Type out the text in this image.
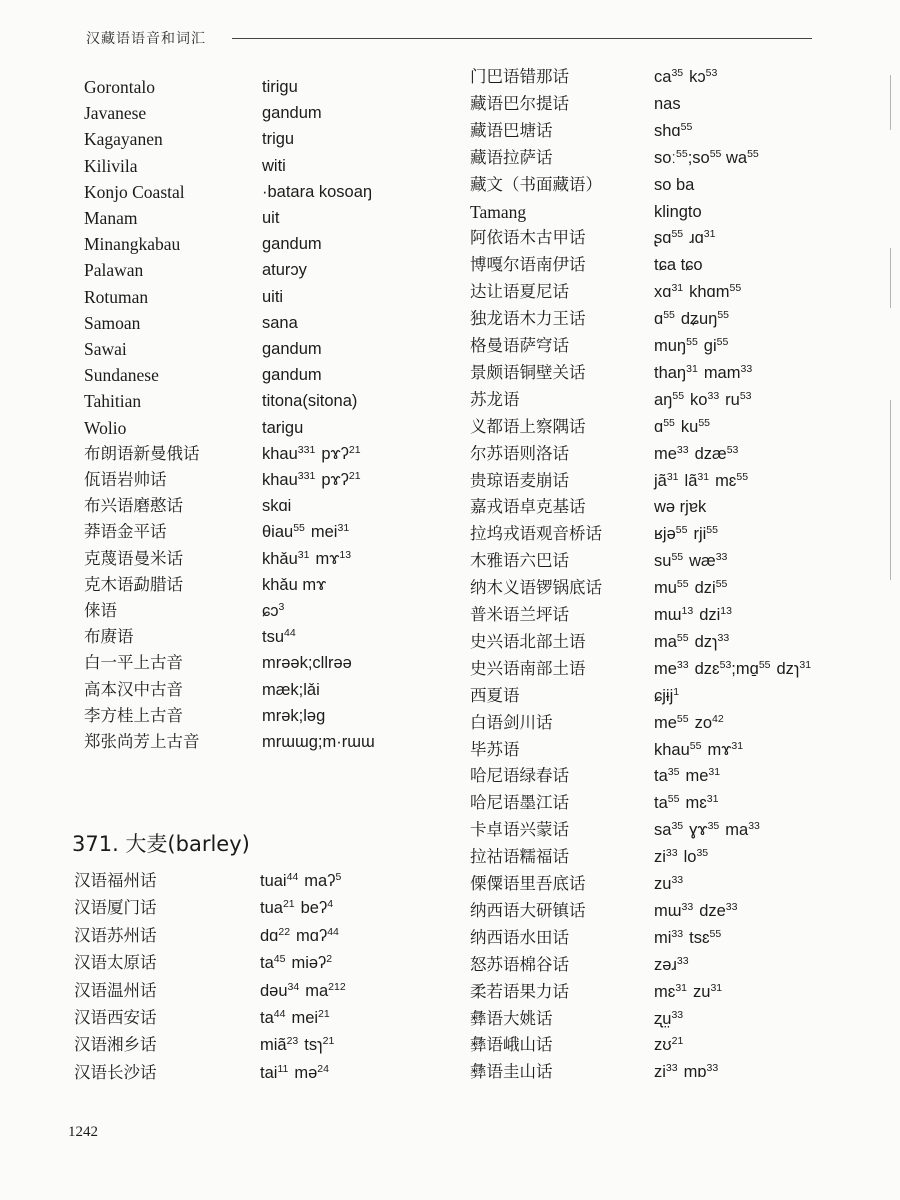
汉藏语语音和词汇
Gorontalo	tirigu
Javanese	gandum
Kagayanen	trigu
Kilivila	witi
Konjo Coastal	·batara kosoaŋ
Manam	uit
Minangkabau	gandum
Palawan	aturɔy
Rotuman	uiti
Samoan	sana
Sawai	gandum
Sundanese	gandum
Tahitian	titona(sitona)
Wolio	tarigu
布朗语新曼俄话	khau$^{331}$ pɤʔ$^{21}$
佤语岩帅话	khau$^{331}$ pɤʔ$^{21}$
布兴语磨憨话	skɑi
莽语金平话	θiau$^{55}$ mei$^{31}$
克蔑语曼米话	khǎu$^{31}$ mɤ$^{13}$
克木语勐腊话	khǎu mɤ
俫语	ɕɔ$^3$
布赓语	tsu$^{44}$
白一平上古音	mrəək;cllrəə
高本汉中古音	mæk;lǎi
李方桂上古音	mrək;ləg
郑张尚芳上古音	mrɯɯg;m·rɯɯ
371. 大麦(barley)
汉语福州话	tuai$^{44}$ maʔ$^5$
汉语厦门话	tua$^{21}$ beʔ$^4$
汉语苏州话	dɑ$^{22}$ mɑʔ$^{44}$
汉语太原话	$ta^{45}$ miəʔ$^2$
汉语温州话	dəu$^{34}$ $ma^{212}$
汉语西安话	$ta^{44}$ mei$^{21}$
汉语湘乡话	miã$^{23}$ tsɿ$^{21}$
汉语长沙话	tai$^{11}$ mə$^{24}$
门巴语错那话	$ca^{35}$ kɔ$^{53}$
藏语巴尔提话	nas
藏语巴塘话	shɑ$^{55}$
藏语拉萨话	$soː^{55};so^{55}$ $wa^{55}$
藏文（书面藏语）	so ba
Tamang	klingto
阿依语木古甲话	ʂɑ$^{55}$ ɹɑ$^{31}$
博嘎尔语南伊话	tɕa tɕo
达让语夏尼话	xɑ$^{31}$ khɑm$^{55}$
独龙语木力王话	ɑ$^{55}$ dʑuŋ$^{55}$
格曼语萨穹话	muŋ$^{55}$ $gi^{55}$
景颇语铜壁关话	thaŋ$^{31}$ mam$^{33}$
苏龙语	$aŋ^{55}$ $ko^{33}$ $ru^{53}$
义都语上察隅话	ɑ$^{55}$ $ku^{55}$
尔苏语则洛话	$me^{33}$ dzæ$^{53}$
贵琼语麦崩话	$jã^{31}$ $lã^{31}$ mɛ$^{55}$
嘉戎语卓克基话	wə rjɐk
拉坞戎语观音桥话	ʁjə$^{55}$ rji$^{55}$
木雅语六巴话	$su^{55}$ $wæ^{33}$
纳木义语锣锅底话	$mu^{55}$ dzi$^{55}$
普米语兰坪话	mɯ$^{13}$ dzi$^{13}$
史兴语北部土语	$ma^{55}$ dzɿ$^{33}$
史兴语南部土语	$me^{33}$ dzɛ$^{53}$;mɑ̱$^{55}$ dzɿ$^{31}$
西夏语	ɕjɨj$^1$
白语剑川话	$me^{55}$ $zo^{42}$
毕苏语	khau$^{55}$ mɤ$^{31}$
哈尼语绿春话	$ta^{35}$ $me^{31}$
哈尼语墨江话	$ta^{55}$ mɛ$^{31}$
卡卓语兴蒙话	$sa^{35}$ ɣɤ$^{35}$ $ma^{33}$
拉祜语糯福话	$zi^{33}$ $lo^{35}$
傈僳语里吾底话	$zu^{33}$
纳西语大研镇话	mɯ$^{33}$ dze$^{33}$
纳西语水田话	$mi^{33}$ tsɛ$^{55}$
怒苏语棉谷话	zəɹ$^{33}$
柔若语果力话	mɛ$^{31}$ $zu^{31}$
彝语大姚话	ʐṳ$^{33}$
彝语峨山话	zʊ$^{21}$
彝语圭山话	$zi^{33}$ mɒ$^{33}$
1242
